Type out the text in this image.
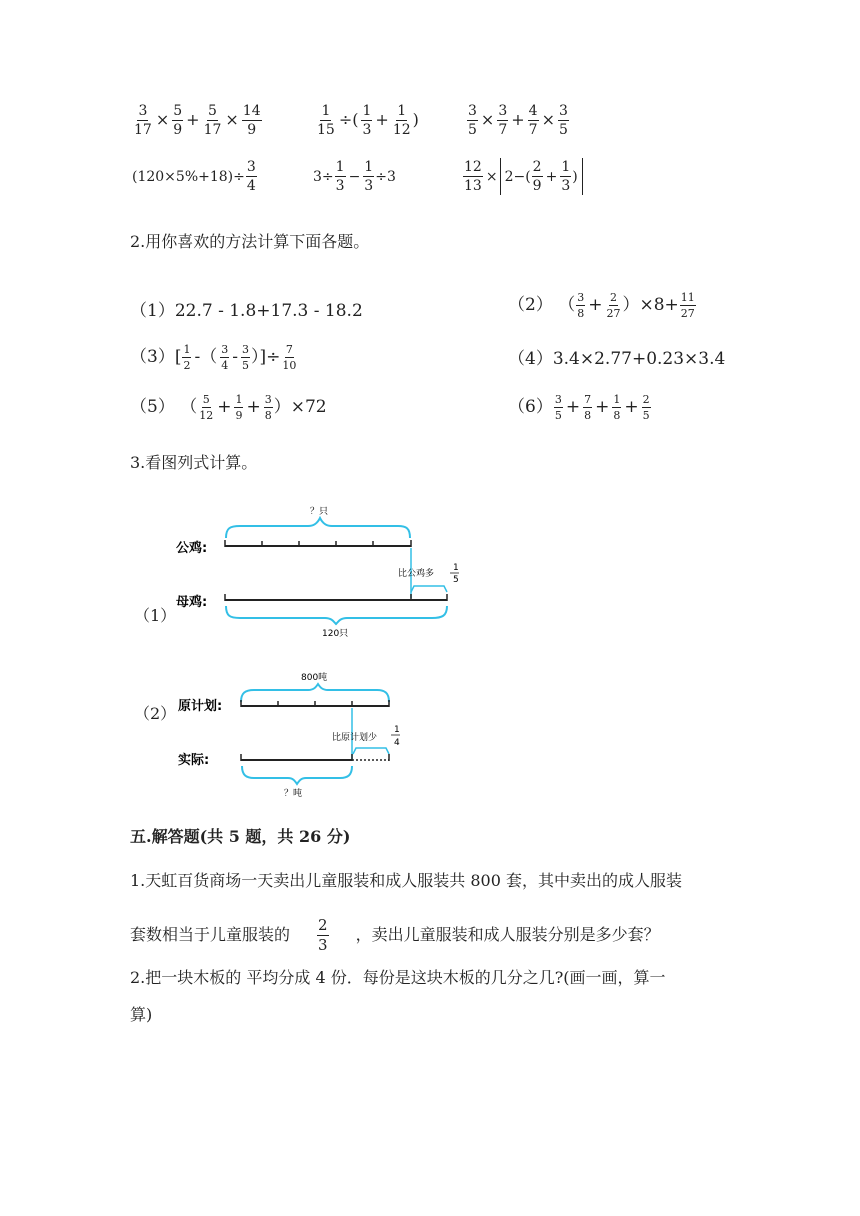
$\frac{3}{17} \times \frac{5}{9} + \frac{5}{17} \times \frac{14}{9}$	$\frac{1}{15}$ ÷( $\frac{1}{3} + \frac{1}{12}$ )	$\frac{3}{5} \times \frac{3}{7} + \frac{4}{7} \times \frac{3}{5}$
$(120\times 5\%+18)\div \frac{3}{4}$	$3\div \frac{1}{3} - \frac{1}{3} \div 3$	$\frac{12}{13} \times 2-( \frac{2}{9} + \frac{1}{3}$ )
2.用你喜欢的方法计算下面各题。
（1）22.7 - 1.8+17.3 - 18.2	（2） （ $\frac{3}{8} + \frac{2}{27} )\times 8+ \frac{11}{27}$
$(3)[ \frac{1}{2}$ -（ $\frac{3}{4} - \frac{3}{5}$ ）]÷ $\frac{7}{10}$	（4）3.4×2.77+0.23×3.4
（5） （ $\frac{5}{12} + \frac{1}{9} + \frac{3}{8} )\times 72$	$(6) \frac{3}{5} + \frac{7}{8} + \frac{1}{8} + \frac{2}{5}$
3.看图列式计算。
（1）
？只
公鸡:
比公鸡多
1
5
母鸡:
120只
（2）
800吨
原计划:
比原计划少
1
4
实际:
？吨
五.解答题(共 5 题，共 26 分)
1.天虹百货商场一天卖出儿童服装和成人服装共 800 套，其中卖出的成人服装
套数相当于儿童服装的 $\frac{2}{3}$ ，卖出儿童服装和成人服装分别是多少套？
2.把一块木板的 平均分成 4 份．每份是这块木板的几分之几?(画一画，算一
算)
